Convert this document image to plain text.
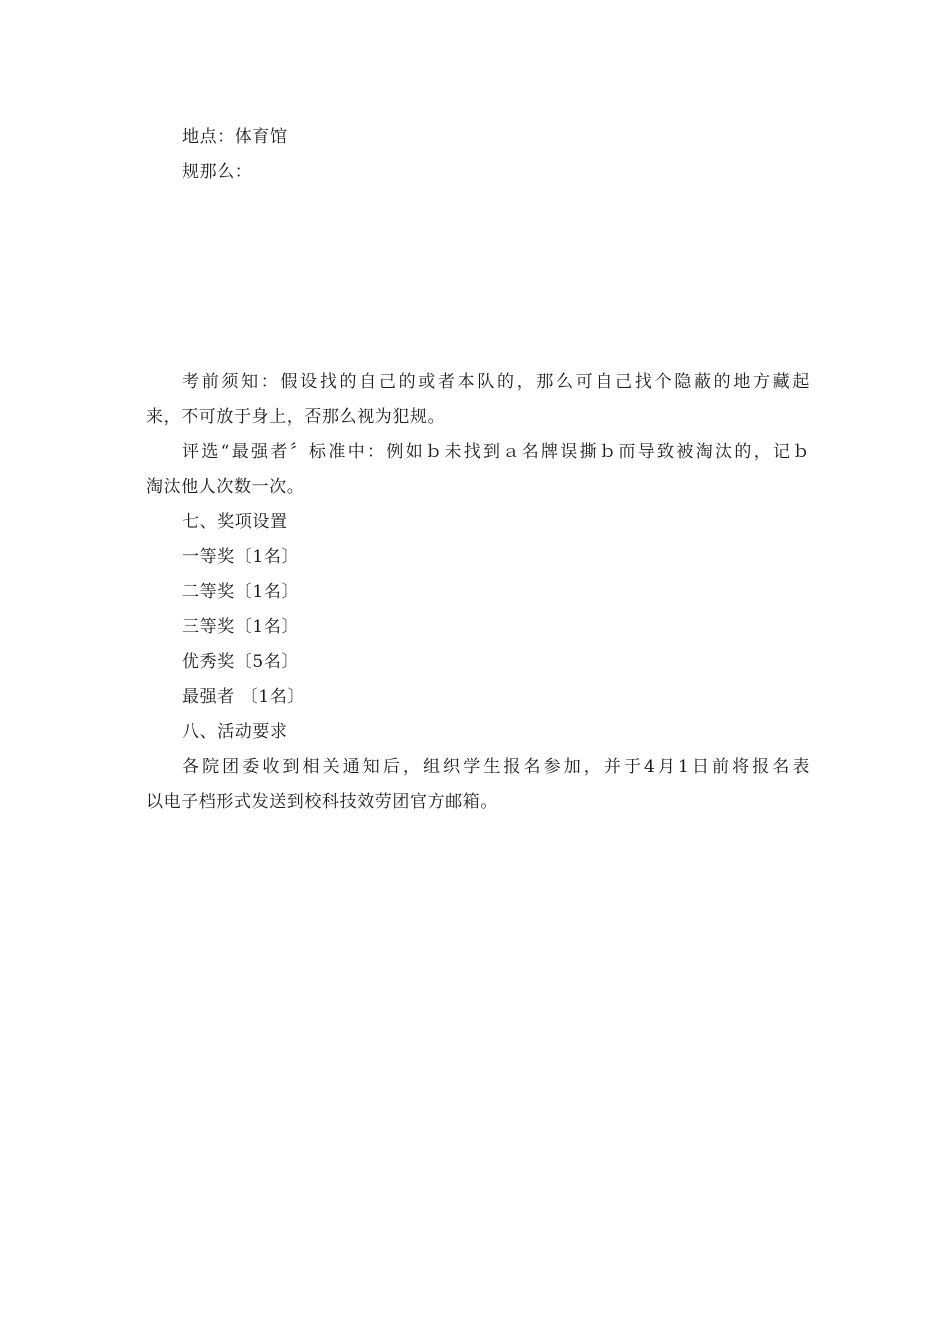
地点：体育馆
规那么：
考前须知：假设找的自己的或者本队的，那么可自己找个隐蔽的地方藏起
来，不可放于身上，否那么视为犯规。
评选“最强者〞标准中：例如ｂ未找到ａ名牌误撕ｂ而导致被淘汰的，记ｂ
淘汰他人次数一次。
七、奖项设置
一等奖〔1名〕
二等奖〔1名〕
三等奖〔1名〕
优秀奖〔5名〕
最强者 〔1名〕
八、活动要求
各院团委收到相关通知后，组织学生报名参加，并于4月1日前将报名表
以电子档形式发送到校科技效劳团官方邮箱。
